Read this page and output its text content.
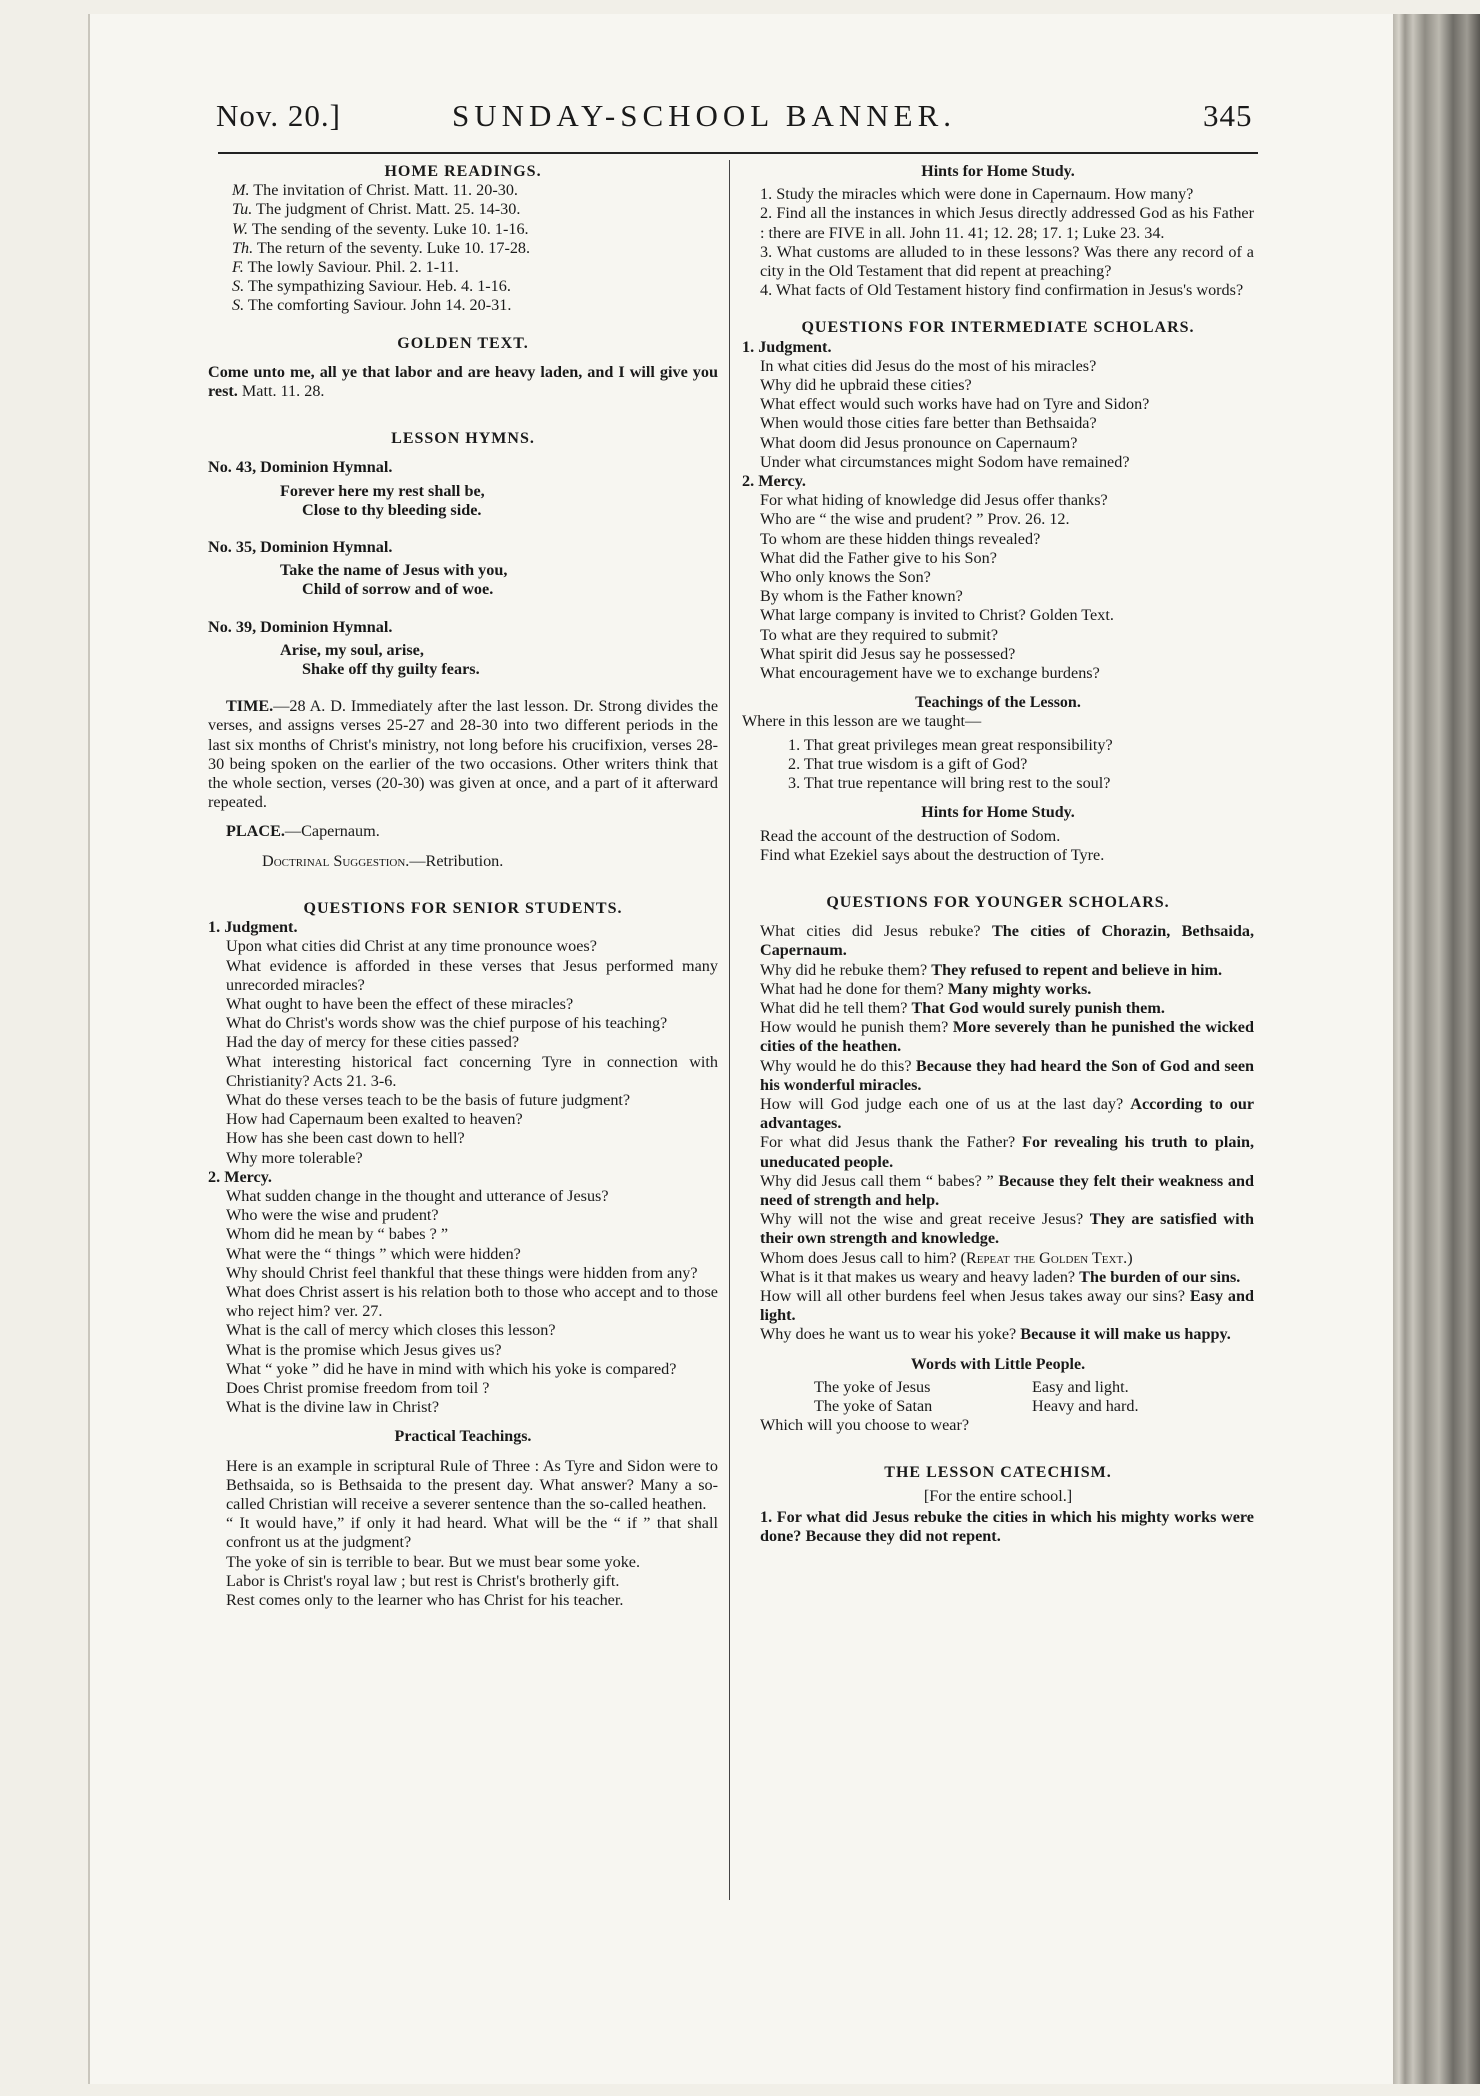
Nov. 20.]	SUNDAY-SCHOOL BANNER.	345
HOME READINGS.
M. The invitation of Christ. Matt. 11. 20-30.
Tu. The judgment of Christ. Matt. 25. 14-30.
W. The sending of the seventy. Luke 10. 1-16.
Th. The return of the seventy. Luke 10. 17-28.
F. The lowly Saviour. Phil. 2. 1-11.
S. The sympathizing Saviour. Heb. 4. 1-16.
S. The comforting Saviour. John 14. 20-31.
GOLDEN TEXT.
Come unto me, all ye that labor and are heavy laden, and I will give you rest. Matt. 11. 28.
LESSON HYMNS.
No. 43, Dominion Hymnal.
Forever here my rest shall be,
Close to thy bleeding side.
No. 35, Dominion Hymnal.
Take the name of Jesus with you,
Child of sorrow and of woe.
No. 39, Dominion Hymnal.
Arise, my soul, arise,
Shake off thy guilty fears.
TIME.—28 A. D. Immediately after the last lesson. Dr. Strong divides the verses, and assigns verses 25-27 and 28-30 into two different periods in the last six months of Christ's ministry, not long before his crucifixion, verses 28-30 being spoken on the earlier of the two occasions. Other writers think that the whole section, verses (20-30) was given at once, and a part of it afterward repeated.
PLACE.—Capernaum.
Doctrinal Suggestion.—Retribution.
QUESTIONS FOR SENIOR STUDENTS.
1. Judgment.
Upon what cities did Christ at any time pronounce woes?
What evidence is afforded in these verses that Jesus performed many unrecorded miracles?
What ought to have been the effect of these miracles?
What do Christ's words show was the chief purpose of his teaching?
Had the day of mercy for these cities passed?
What interesting historical fact concerning Tyre in connection with Christianity? Acts 21. 3-6.
What do these verses teach to be the basis of future judgment?
How had Capernaum been exalted to heaven?
How has she been cast down to hell?
Why more tolerable?
2. Mercy.
What sudden change in the thought and utterance of Jesus?
Who were the wise and prudent?
Whom did he mean by “ babes ? ”
What were the “ things ” which were hidden?
Why should Christ feel thankful that these things were hidden from any?
What does Christ assert is his relation both to those who accept and to those who reject him? ver. 27.
What is the call of mercy which closes this lesson?
What is the promise which Jesus gives us?
What “ yoke ” did he have in mind with which his yoke is compared?
Does Christ promise freedom from toil ?
What is the divine law in Christ?
Practical Teachings.
Here is an example in scriptural Rule of Three : As Tyre and Sidon were to Bethsaida, so is Bethsaida to the present day. What answer? Many a so-called Christian will receive a severer sentence than the so-called heathen.
“ It would have,” if only it had heard. What will be the “ if ” that shall confront us at the judgment?
The yoke of sin is terrible to bear. But we must bear some yoke.
Labor is Christ's royal law ; but rest is Christ's brotherly gift.
Rest comes only to the learner who has Christ for his teacher.
Hints for Home Study.
1. Study the miracles which were done in Capernaum. How many?
2. Find all the instances in which Jesus directly addressed God as his Father : there are FIVE in all. John 11. 41; 12. 28; 17. 1; Luke 23. 34.
3. What customs are alluded to in these lessons? Was there any record of a city in the Old Testament that did repent at preaching?
4. What facts of Old Testament history find confirmation in Jesus's words?
QUESTIONS FOR INTERMEDIATE SCHOLARS.
1. Judgment.
In what cities did Jesus do the most of his miracles?
Why did he upbraid these cities?
What effect would such works have had on Tyre and Sidon?
When would those cities fare better than Bethsaida?
What doom did Jesus pronounce on Capernaum?
Under what circumstances might Sodom have remained?
2. Mercy.
For what hiding of knowledge did Jesus offer thanks?
Who are “ the wise and prudent? ” Prov. 26. 12.
To whom are these hidden things revealed?
What did the Father give to his Son?
Who only knows the Son?
By whom is the Father known?
What large company is invited to Christ? Golden Text.
To what are they required to submit?
What spirit did Jesus say he possessed?
What encouragement have we to exchange burdens?
Teachings of the Lesson.
Where in this lesson are we taught—
1. That great privileges mean great responsibility?
2. That true wisdom is a gift of God?
3. That true repentance will bring rest to the soul?
Hints for Home Study.
Read the account of the destruction of Sodom.
Find what Ezekiel says about the destruction of Tyre.
QUESTIONS FOR YOUNGER SCHOLARS.
What cities did Jesus rebuke? The cities of Chorazin, Bethsaida, Capernaum.
Why did he rebuke them? They refused to repent and believe in him.
What had he done for them? Many mighty works.
What did he tell them? That God would surely punish them.
How would he punish them? More severely than he punished the wicked cities of the heathen.
Why would he do this? Because they had heard the Son of God and seen his wonderful miracles.
How will God judge each one of us at the last day? According to our advantages.
For what did Jesus thank the Father? For revealing his truth to plain, uneducated people.
Why did Jesus call them “ babes? ” Because they felt their weakness and need of strength and help.
Why will not the wise and great receive Jesus? They are satisfied with their own strength and knowledge.
Whom does Jesus call to him? (Repeat the Golden Text.)
What is it that makes us weary and heavy laden? The burden of our sins.
How will all other burdens feel when Jesus takes away our sins? Easy and light.
Why does he want us to wear his yoke? Because it will make us happy.
Words with Little People.
The yoke of Jesus	Easy and light.
The yoke of Satan	Heavy and hard.
Which will you choose to wear?
THE LESSON CATECHISM.
[For the entire school.]
1. For what did Jesus rebuke the cities in which his mighty works were done? Because they did not repent.
